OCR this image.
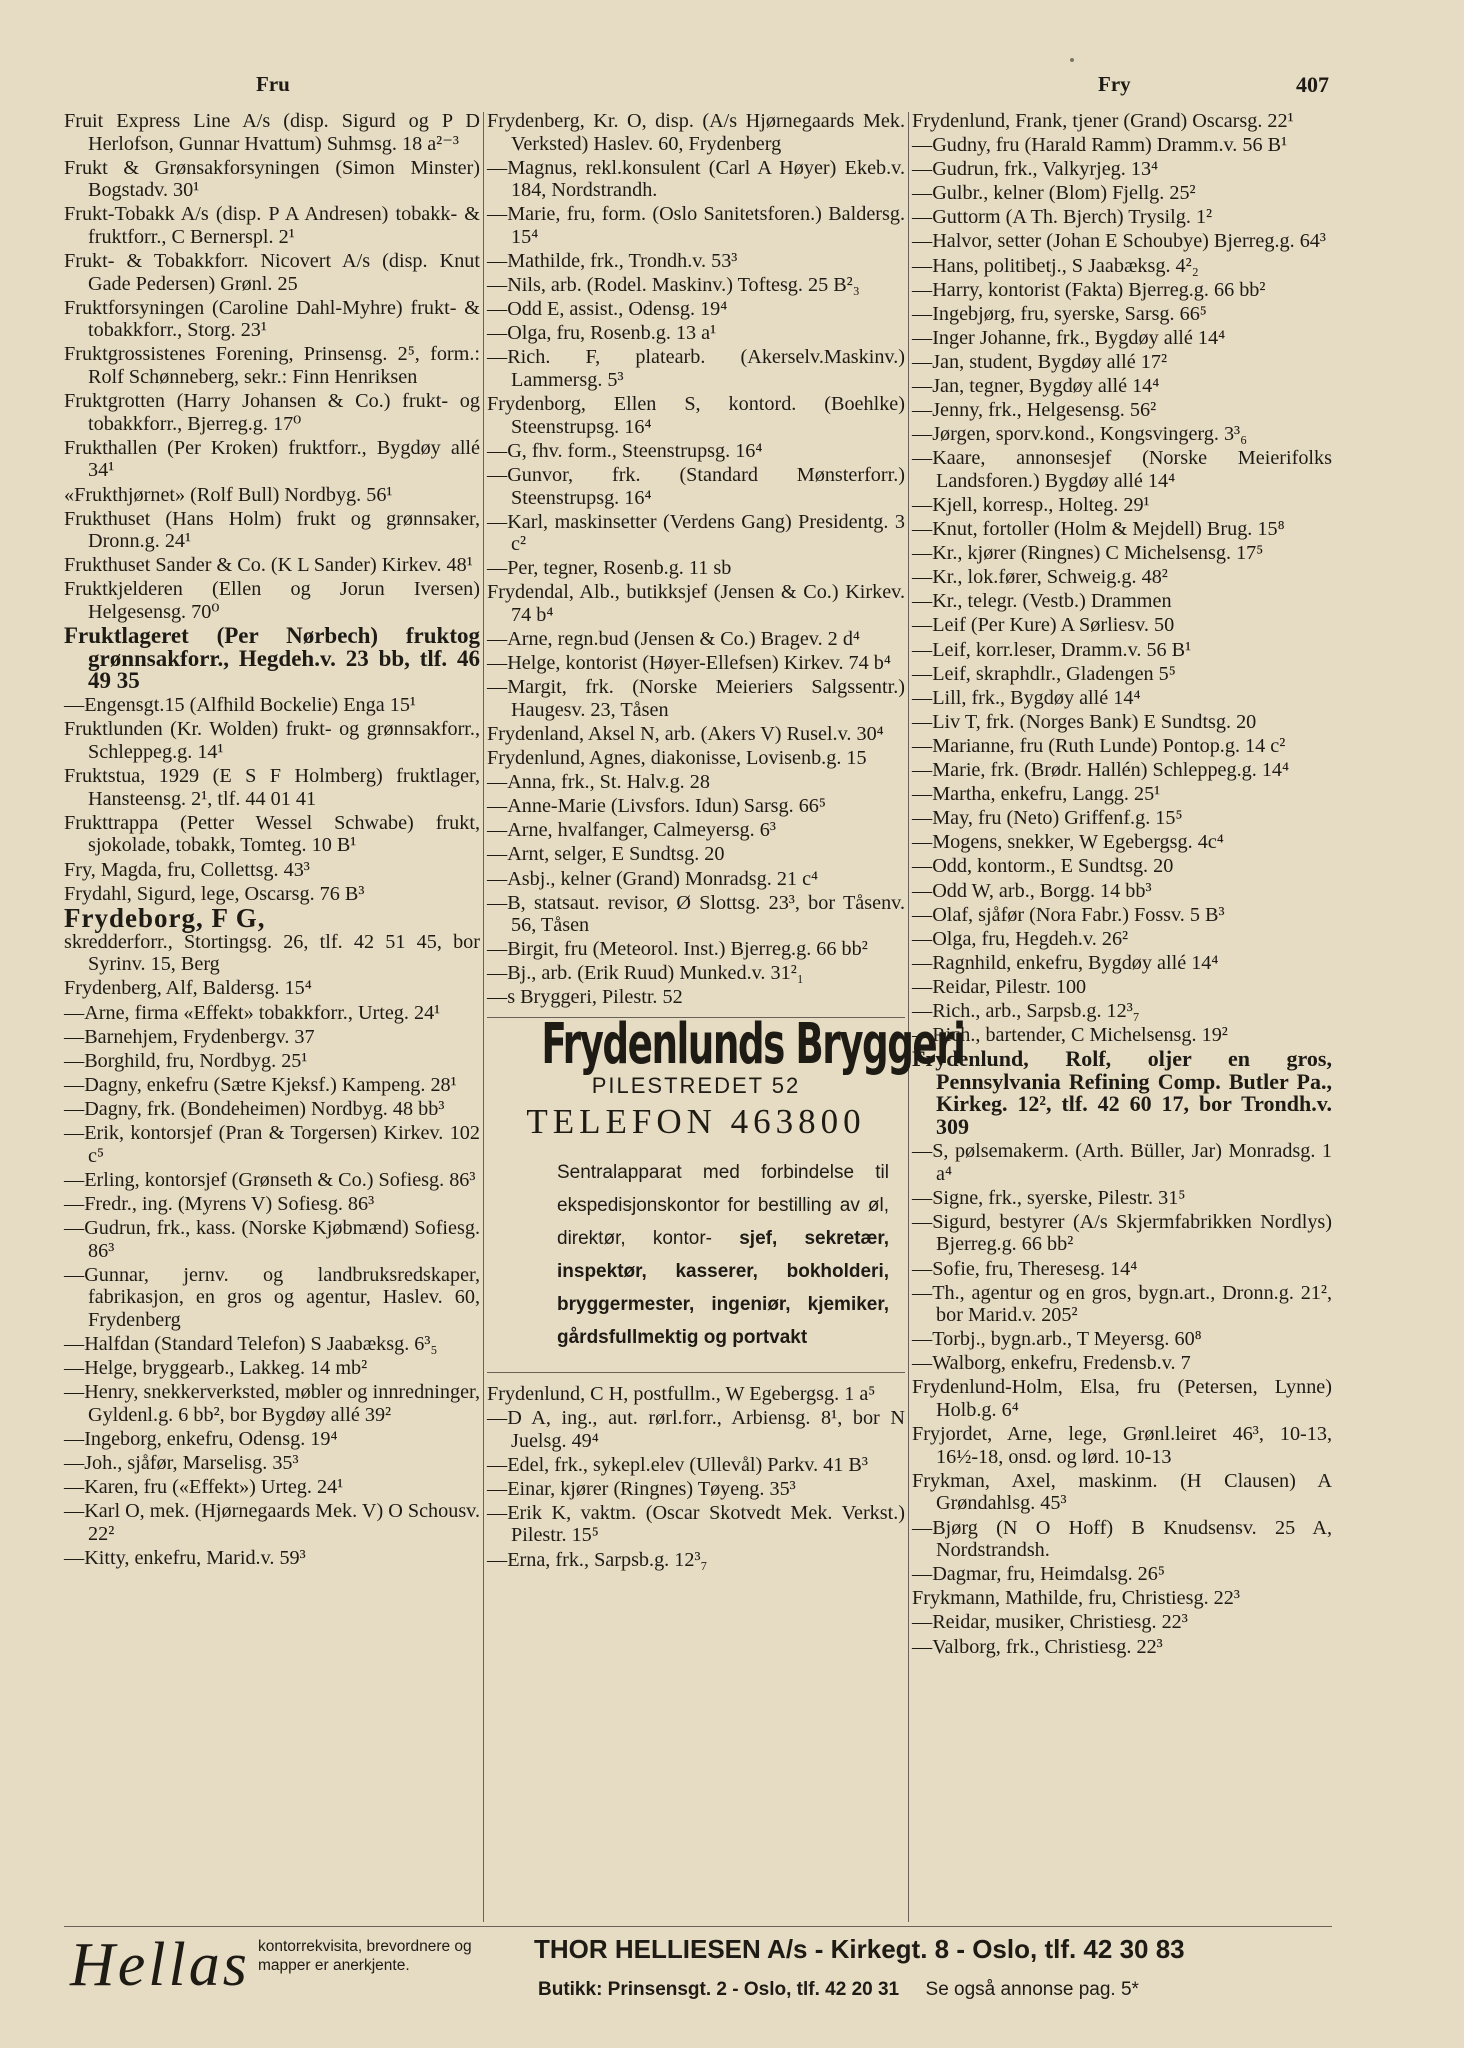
Fru	Fry	407
Fruit Express Line A/s (disp. Sigurd og P D Herlofson, Gunnar Hvattum) Suhmsg. 18 a²⁻³
Frukt & Grønsakforsyningen (Simon Minster) Bogstadv. 30¹
Frukt-Tobakk A/s (disp. P A Andresen) tobakk- & fruktforr., C Bernerspl. 2¹
Frukt- & Tobakkforr. Nicovert A/s (disp. Knut Gade Pedersen) Grønl. 25
Fruktforsyningen (Caroline Dahl-Myhre) frukt- & tobakkforr., Storg. 23¹
Fruktgrossistenes Forening, Prinsensg. 2⁵, form.: Rolf Schønneberg, sekr.: Finn Henriksen
Fruktgrotten (Harry Johansen & Co.) frukt- og tobakkforr., Bjerreg.g. 17⁰
Frukthallen (Per Kroken) fruktforr., Bygdøy allé 34¹
«Frukthjørnet» (Rolf Bull) Nordbyg. 56¹
Frukthuset (Hans Holm) frukt og grønnsaker, Dronn.g. 24¹
Frukthuset Sander & Co. (K L Sander) Kirkev. 48¹
Fruktkjelderen (Ellen og Jorun Iversen) Helgesensg. 70⁰
Fruktlageret (Per Nørbech) fruktog grønnsakforr., Hegdeh.v. 23 bb, tlf. 46 49 35
—Engensgt.15 (Alfhild Bockelie) Enga 15¹
Fruktlunden (Kr. Wolden) frukt- og grønnsakforr., Schleppeg.g. 14¹
Fruktstua, 1929 (E S F Holmberg) fruktlager, Hansteensg. 2¹, tlf. 44 01 41
Frukttrappa (Petter Wessel Schwabe) frukt, sjokolade, tobakk, Tomteg. 10 B¹
Fry, Magda, fru, Collettsg. 43³
Frydahl, Sigurd, lege, Oscarsg. 76 B³
Frydeborg, F G,
skredderforr., Stortingsg. 26, tlf. 42 51 45, bor Syrinv. 15, Berg
Frydenberg, Alf, Baldersg. 15⁴
—Arne, firma «Effekt» tobakkforr., Urteg. 24¹
—Barnehjem, Frydenbergv. 37
—Borghild, fru, Nordbyg. 25¹
—Dagny, enkefru (Sætre Kjeksf.) Kampeng. 28¹
—Dagny, frk. (Bondeheimen) Nordbyg. 48 bb³
—Erik, kontorsjef (Pran & Torgersen) Kirkev. 102 c⁵
—Erling, kontorsjef (Grønseth & Co.) Sofiesg. 86³
—Fredr., ing. (Myrens V) Sofiesg. 86³
—Gudrun, frk., kass. (Norske Kjøbmænd) Sofiesg. 86³
—Gunnar, jernv. og landbruksredskaper, fabrikasjon, en gros og agentur, Haslev. 60, Frydenberg
—Halfdan (Standard Telefon) S Jaabæksg. 6³₅
—Helge, bryggearb., Lakkeg. 14 mb²
—Henry, snekkerverksted, møbler og innredninger, Gyldenl.g. 6 bb², bor Bygdøy allé 39²
—Ingeborg, enkefru, Odensg. 19⁴
—Joh., sjåfør, Marselisg. 35³
—Karen, fru («Effekt») Urteg. 24¹
—Karl O, mek. (Hjørnegaards Mek. V) O Schousv. 22²
—Kitty, enkefru, Marid.v. 59³
Frydenberg, Kr. O, disp. (A/s Hjørnegaards Mek. Verksted) Haslev. 60, Frydenberg
—Magnus, rekl.konsulent (Carl A Høyer) Ekeb.v. 184, Nordstrandh.
—Marie, fru, form. (Oslo Sanitetsforen.) Baldersg. 15⁴
—Mathilde, frk., Trondh.v. 53³
—Nils, arb. (Rodel. Maskinv.) Toftesg. 25 B²₃
—Odd E, assist., Odensg. 19⁴
—Olga, fru, Rosenb.g. 13 a¹
—Rich. F, platearb. (Akerselv.Maskinv.) Lammersg. 5³
Frydenborg, Ellen S, kontord. (Boehlke) Steenstrupsg. 16⁴
—G, fhv. form., Steenstrupsg. 16⁴
—Gunvor, frk. (Standard Mønsterforr.) Steenstrupsg. 16⁴
—Karl, maskinsetter (Verdens Gang) Presidentg. 3 c²
—Per, tegner, Rosenb.g. 11 sb
Frydendal, Alb., butikksjef (Jensen & Co.) Kirkev. 74 b⁴
—Arne, regn.bud (Jensen & Co.) Bragev. 2 d⁴
—Helge, kontorist (Høyer-Ellefsen) Kirkev. 74 b⁴
—Margit, frk. (Norske Meieriers Salgssentr.) Haugesv. 23, Tåsen
Frydenland, Aksel N, arb. (Akers V) Rusel.v. 30⁴
Frydenlund, Agnes, diakonisse, Lovisenb.g. 15
—Anna, frk., St. Halv.g. 28
—Anne-Marie (Livsfors. Idun) Sarsg. 66⁵
—Arne, hvalfanger, Calmeyersg. 6³
—Arnt, selger, E Sundtsg. 20
—Asbj., kelner (Grand) Monradsg. 21 c⁴
—B, statsaut. revisor, Ø Slottsg. 23³, bor Tåsenv. 56, Tåsen
—Birgit, fru (Meteorol. Inst.) Bjerreg.g. 66 bb²
—Bj., arb. (Erik Ruud) Munked.v. 31²₁
—s Bryggeri, Pilestr. 52
Frydenlunds Bryggeri
PILESTREDET 52
TELEFON 463800
Sentralapparat med forbindelse til ekspedisjonskontor for bestilling av øl, direktør, kontor- sjef, sekretær, inspektør, kasserer, bokholderi, bryggermester, ingeniør, kjemiker, gårdsfullmektig og portvakt
Frydenlund, C H, postfullm., W Egebergsg. 1 a⁵
—D A, ing., aut. rørl.forr., Arbiensg. 8¹, bor N Juelsg. 49⁴
—Edel, frk., sykepl.elev (Ullevål) Parkv. 41 B³
—Einar, kjører (Ringnes) Tøyeng. 35³
—Erik K, vaktm. (Oscar Skotvedt Mek. Verkst.) Pilestr. 15⁵
—Erna, frk., Sarpsb.g. 12³₇
Frydenlund, Frank, tjener (Grand) Oscarsg. 22¹
—Gudny, fru (Harald Ramm) Dramm.v. 56 B¹
—Gudrun, frk., Valkyrjeg. 13⁴
—Gulbr., kelner (Blom) Fjellg. 25²
—Guttorm (A Th. Bjerch) Trysilg. 1²
—Halvor, setter (Johan E Schoubye) Bjerreg.g. 64³
—Hans, politibetj., S Jaabæksg. 4²₂
—Harry, kontorist (Fakta) Bjerreg.g. 66 bb²
—Ingebjørg, fru, syerske, Sarsg. 66⁵
—Inger Johanne, frk., Bygdøy allé 14⁴
—Jan, student, Bygdøy allé 17²
—Jan, tegner, Bygdøy allé 14⁴
—Jenny, frk., Helgesensg. 56²
—Jørgen, sporv.kond., Kongsvingerg. 3³₆
—Kaare, annonsesjef (Norske Meierifolks Landsforen.) Bygdøy allé 14⁴
—Kjell, korresp., Holteg. 29¹
—Knut, fortoller (Holm & Mejdell) Brug. 15⁸
—Kr., kjører (Ringnes) C Michelsensg. 17⁵
—Kr., lok.fører, Schweig.g. 48²
—Kr., telegr. (Vestb.) Drammen
—Leif (Per Kure) A Sørliesv. 50
—Leif, korr.leser, Dramm.v. 56 B¹
—Leif, skraphdlr., Gladengen 5⁵
—Lill, frk., Bygdøy allé 14⁴
—Liv T, frk. (Norges Bank) E Sundtsg. 20
—Marianne, fru (Ruth Lunde) Pontop.g. 14 c²
—Marie, frk. (Brødr. Hallén) Schleppeg.g. 14⁴
—Martha, enkefru, Langg. 25¹
—May, fru (Neto) Griffenf.g. 15⁵
—Mogens, snekker, W Egebergsg. 4c⁴
—Odd, kontorm., E Sundtsg. 20
—Odd W, arb., Borgg. 14 bb³
—Olaf, sjåfør (Nora Fabr.) Fossv. 5 B³
—Olga, fru, Hegdeh.v. 26²
—Ragnhild, enkefru, Bygdøy allé 14⁴
—Reidar, Pilestr. 100
—Rich., arb., Sarpsb.g. 12³₇
—Rich., bartender, C Michelsensg. 19²
Frydenlund, Rolf, oljer en gros, Pennsylvania Refining Comp. Butler Pa., Kirkeg. 12², tlf. 42 60 17, bor Trondh.v. 309
—S, pølsemakerm. (Arth. Büller, Jar) Monradsg. 1 a⁴
—Signe, frk., syerske, Pilestr. 31⁵
—Sigurd, bestyrer (A/s Skjermfabrikken Nordlys) Bjerreg.g. 66 bb²
—Sofie, fru, Theresesg. 14⁴
—Th., agentur og en gros, bygn.art., Dronn.g. 21², bor Marid.v. 205²
—Torbj., bygn.arb., T Meyersg. 60⁸
—Walborg, enkefru, Fredensb.v. 7
Frydenlund-Holm, Elsa, fru (Petersen, Lynne) Holb.g. 6⁴
Fryjordet, Arne, lege, Grønl.leiret 46³, 10-13, 16½-18, onsd. og lørd. 10-13
Frykman, Axel, maskinm. (H Clausen) A Grøndahlsg. 45³
—Bjørg (N O Hoff) B Knudsensv. 25 A, Nordstrandsh.
—Dagmar, fru, Heimdalsg. 26⁵
Frykmann, Mathilde, fru, Christiesg. 22³
—Reidar, musiker, Christiesg. 22³
—Valborg, frk., Christiesg. 22³
Hellas kontorrekvisita, brevordnere og mapper er anerkjente.
THOR HELLIESEN A/s - Kirkegt. 8 - Oslo, tlf. 42 30 83
Butikk: Prinsensgt. 2 - Oslo, tlf. 42 20 31 Se også annonse pag. 5*
